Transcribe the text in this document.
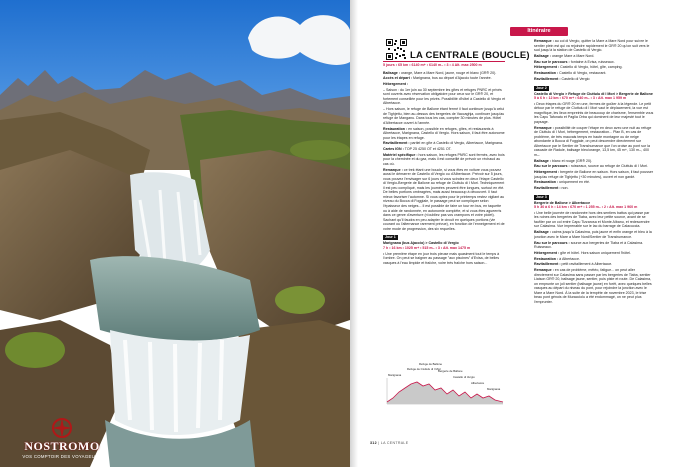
NOSTROMO
VOS COMPTOIR DES VOYAGEURS
Itinéraire
LA CENTRALE (BOUCLE)
5 jours • 65 km • 6140 m+ • 6140 m– • 3 • 4 Alt. max 2500 m
Balisage : orange, Mare a Mare Nord, jaune, rouge et blanc (GR® 20).
Accès et départ : Marignana, bus au départ d'Ajaccio toute l'année.
Hébergement :
– Saison : du 1er juin au 30 septembre les gîtes et refuges PNRC et privés sont ouverts avec réservation obligatoire pour ceux sur le GR® 20, et fortement conseillée pour les privés. Possibilité d'hôtel à Castello di Vergio et Albertacce.
– Hors saison, le refuge de Ballone étant fermé il faut continuer jusqu'à celui de Tighjettu, bien au-dessus des bergeries de Vaccaghja, continuer jusqu'au refuge de Manganu. Dans tous les cas, compter 30 minutes de plus. Hôtel d'Albertacce ouvert à l'année.
Restauration : en saison, possible en refuges, gîtes, et restaurants à Albertacce, Marignana, Castello di Vergio. Hors saison, il faut être autonome pour les étapes en refuge.
Ravitaillement : partiel en gîte à Castello di Vergio, Albertacce, Marignana.
Cartes IGN : TOP 25 4250 OT et 4251 OT.
Matériel spécifique : hors saison, les refuges PNRC sont fermés, avec bois pour la cheminée et du gaz, mais il est conseillé de prévoir un réchaud au cas où.
Remarque : ce trek étant une boucle, si vous êtes en voiture vous pouvez aussi le démarrer de Castello di Vergio ou d'Albertacce. Prévoir sur 5 jours, vous pouvez l'envisager sur 6 jours si vous scindez en deux l'étape Castello di Vergio-Bergerie de Ballone au refuge de Ciuttulu di I Mori. Techniquement il est peu compliqué, mais les journées peuvent être longues, surtout en été. De belles portions ombragées, mais aussi beaucoup à découvert. Il faut mieux favoriser l'automne. Si vous optez pour le printemps restez vigilant au niveau du Bocca di Foggiale, le passage peut se compliquer selon l'épaisseur des neiges... Il est possible de faire un tour en bus, en taquette ou à aide de randonnée, en autonomie complète, et si vous êtes agueerris dans ce genre d'aventure (n'oubliez pas vos crampons et votre piolet). Sachant qu'il faudra en peu adapter le circuit en quelques portions (vie courant ou l'alternance rarement prévue), en fonction de l'enneigement et de votre mode de progression, des six requelles.
Jour 1
Marignana (bus Ajaccio) > Castello di Vergio
7 h • 16 km • 1025 m+ • 515 m– • 3 • Alt. max 1475 m
• Une première étape en jour trois pieuse mais quasiment tout le temps à l'ombre. On peut se baigner au passage "aux piscines" d'Evisa, de belles vasques à l'eau limpide et fraîche, voire très fraîche hors saison...
Marignana
Refuge de Ciuttulu di I Mori
Refuge de Ballone
Bergerie de Ballone
Castello di Vergio
Albertacce
Marignana
312 | LA CENTRALE
Remarque : au col di Vergio, quitter la Mare a Mare Nord pour suivre le sentier plein est qui va rejoindre rapidement le GR® 20 qu'on suit vers le sud jusqu'à la station de Castello di Vergio.
Balisage : orange Mare a Mare Nord.
Eau sur le parcours : fontaine à Evisa, ruisseaux.
Hébergement : Castello di Vergio, hôtel, gîte, camping.
Restauration : Castello di Vergio, restaurant.
Ravitaillement : Castello di Vergio
Jour 2
Castello di Vergio > Refuge de Ciuttulu di I Mori > Bergerie de Ballone
5 à 6 h • 12 km • 670 m+ • 640 m– • 3 • Alt. max 1 959 m
• Deux étapes du GR® 20 en une, fermes de goûter à la légende. Le petit détour par le refuge de Ciuttulu di I Mori vaut le déplacement, la vue est magnifique, les lieux empreints de beaucoup de charisme, l'ensemble vous les Capu Tafonatu et Paglia Orba qui dominent de leur majesté tout le paysage.
Remarque : possibilité de couper l'étape en deux avec une nuit au refuge de Ciuttulu di I Mori, hébergement, restauration... Plan B, en cas de problème, de très mauvais temps en haute montagne ou de neige abondante à Bocca di Foggiale, on peut descendre directement sur Albertacce par le Sentier de Transhumance que l'on croise au pont sur la cascade de Radule, balisage bleu/orange, 13,5 km, 45 m+, 130 m–, 400 m–.
Balisage : blanc et rouge (GR® 20).
Eau sur le parcours : ruisseaux, source au refuge de Ciuttulu di I Mori.
Hébergement : bergerie de Ballone en saison. Hors saison, il faut pousser jusqu'au refuge de Tighjettu (+30 minutes), ouvert et non gardé.
Restauration : uniquement en été.
Ravitaillement : non.
Jour 3
Bergerie de Ballone > Albertacce
5 h 30 à 6 h • 14 km • 670 m+ • 1 255 m– • 2 • Alt. max 1 960 m
• Une belle journée de randonnée hors des sentiers battus qui passe par les ruines des bergeries de Tiaba, avec leur petite source, avant de se faufiler par un col entre Capu Tizzarosa et Monte Albanu, et redescendre sur Calasima. Vue imprenable sur le lac du barrage de Calacuccia.
Balisage : cairns jusqu'à Calasima, puis jaune et enfin orange et bleu à la jonction avec le Mare a Mare Nord/Sentier de Transhumance.
Eau sur le parcours : source aux bergeries de Tiaba et à Calasima. Ruisseaux.
Hébergement : gîte et hôtel. Hors saison uniquement l'hôtel.
Restauration : à Albertacce.
Ravitaillement : petit ravitaillement à Albertacce.
Remarque : en cas de problème, météo, fatigue... on peut aller directement sur Calasima sans passer par les bergeries de Tiaba, sentier Liaison GR® 20, balisage jaune, sentier, puis piste et route. De Calasima, on emprunte un joli sentier (balisage jaune) en forêt, avec quelques belles vasques au départ du niveau du pont, pour rejoindre la jonction avec le Mare a Mare Nord. À la suite de la tempête de novembre 2023, le trise beau pont génois de Muracciolu a été endommagé, on ne peut plus l'emprunter.
